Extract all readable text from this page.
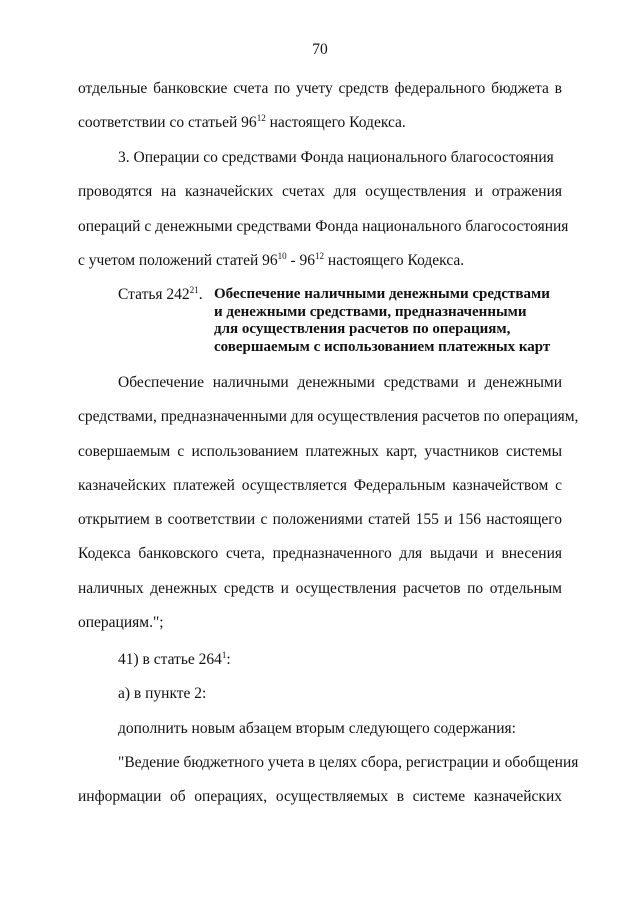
70
отдельные банковские счета по учету средств федерального бюджета в
соответствии со статьей $96^{12}$ настоящего Кодекса.
3. Операции со средствами Фонда национального благосостояния
проводятся на казначейских счетах для осуществления и отражения
операций с денежными средствами Фонда национального благосостояния
с учетом положений статей $96^{10} - 96^{12}$ настоящего Кодекса.
Статья $242^{21}$. Обеспечение наличными денежными средствами
и денежными средствами, предназначенными
для осуществления расчетов по операциям,
совершаемым с использованием платежных карт
Обеспечение наличными денежными средствами и денежными
средствами, предназначенными для осуществления расчетов по операциям,
совершаемым с использованием платежных карт, участников системы
казначейских платежей осуществляется Федеральным казначейством с
открытием в соответствии с положениями статей 155 и 156 настоящего
Кодекса банковского счета, предназначенного для выдачи и внесения
наличных денежных средств и осуществления расчетов по отдельным
операциям.";
41) в статье $264^1$:
а) в пункте 2:
дополнить новым абзацем вторым следующего содержания:
"Ведение бюджетного учета в целях сбора, регистрации и обобщения
информации об операциях, осуществляемых в системе казначейских
